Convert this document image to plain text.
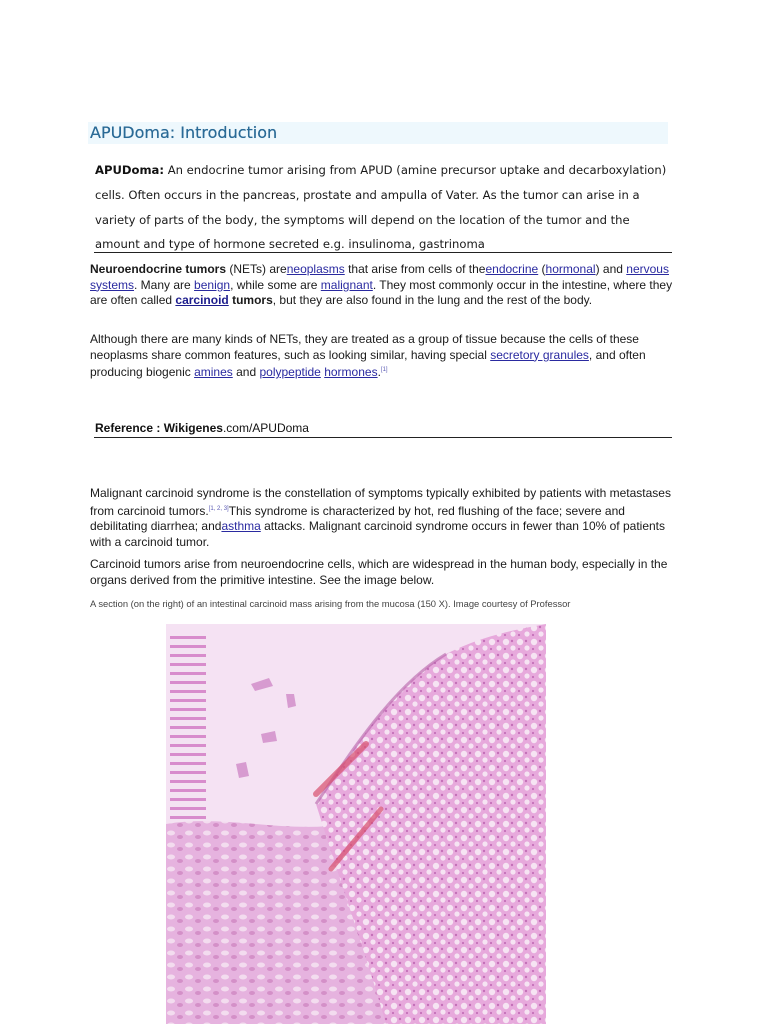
APUDoma: Introduction
APUDoma: An endocrine tumor arising from APUD (amine precursor uptake and decarboxylation) cells. Often occurs in the pancreas, prostate and ampulla of Vater. As the tumor can arise in a variety of parts of the body, the symptoms will depend on the location of the tumor and the amount and type of hormone secreted e.g. insulinoma, gastrinoma
Neuroendocrine tumors (NETs) areneoplasms that arise from cells of theendocrine (hormonal) and nervous systems. Many are benign, while some are malignant. They most commonly occur in the intestine, where they are often called carcinoid tumors, but they are also found in the lung and the rest of the body.
Although there are many kinds of NETs, they are treated as a group of tissue because the cells of these neoplasms share common features, such as looking similar, having special secretory granules, and often producing biogenic amines and polypeptide hormones.[1]
Reference : Wikigenes.com/APUDoma
Malignant carcinoid syndrome is the constellation of symptoms typically exhibited by patients with metastases from carcinoid tumors.[1, 2, 3]This syndrome is characterized by hot, red flushing of the face; severe and debilitating diarrhea; andasthma attacks. Malignant carcinoid syndrome occurs in fewer than 10% of patients with a carcinoid tumor.
Carcinoid tumors arise from neuroendocrine cells, which are widespread in the human body, especially in the organs derived from the primitive intestine. See the image below.
A section (on the right) of an intestinal carcinoid mass arising from the mucosa (150 X). Image courtesy of Professor
